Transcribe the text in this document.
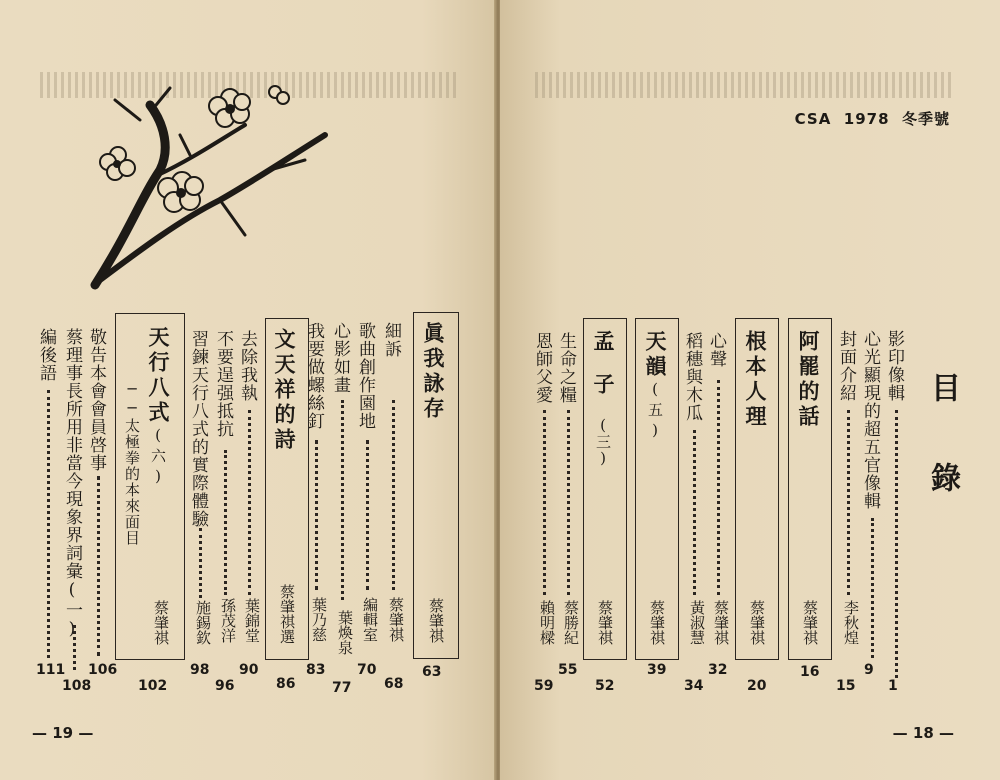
眞我詠存
蔡肇祺
63
細訴
蔡肇祺
68
歌曲創作園地
編輯室
70
心影如畫
葉煥泉
77
我要做螺絲釘
葉乃慈
83
文天祥的詩
蔡肇祺選
86
去除我執
葉錦堂
90
不要逞强抵抗
孫茂洋
96
習鍊天行八式的實際體驗
施錫欽
98
天行八式(六)
──太極拳的本來面目
蔡肇祺
102
敬告本會會員啓事
106
蔡理事長所用非當今現象界詞彙(一)
108
編後語
111
— 19 —
CSA 1978 冬季號
目錄
影印像輯
1
心光顯現的超五官像輯
9
封面介紹
李秋煌
15
阿罷的話
蔡肇祺
16
根本人理
蔡肇祺
20
心聲
蔡肇祺
32
稻穗與木瓜
黃淑慧
34
天韻(五)
蔡肇祺
39
孟子(三)
蔡肇祺
52
生命之糧
蔡勝紀
55
恩師父愛
賴明樑
59
— 18 —
